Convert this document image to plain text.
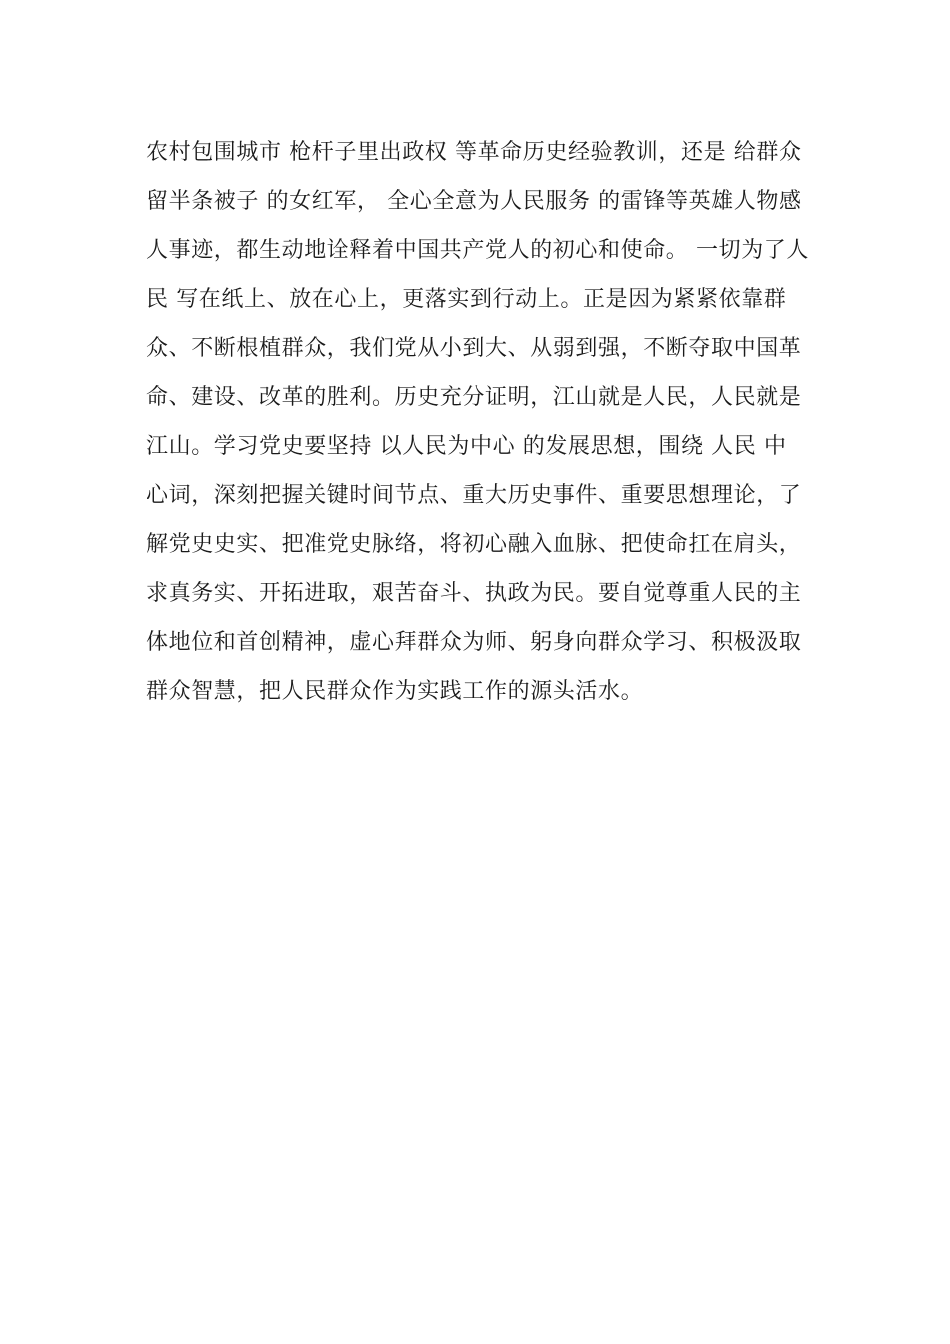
农村包围城市 枪杆子里出政权 等革命历史经验教训，还是 给群众
留半条被子 的女红军， 全心全意为人民服务 的雷锋等英雄人物感
人事迹，都生动地诠释着中国共产党人的初心和使命。 一切为了人
民 写在纸上、放在心上，更落实到行动上。正是因为紧紧依靠群
众、不断根植群众，我们党从小到大、从弱到强，不断夺取中国革
命、建设、改革的胜利。历史充分证明，江山就是人民，人民就是
江山。学习党史要坚持 以人民为中心 的发展思想，围绕 人民 中
心词，深刻把握关键时间节点、重大历史事件、重要思想理论，了
解党史史实、把准党史脉络，将初心融入血脉、把使命扛在肩头，
求真务实、开拓进取，艰苦奋斗、执政为民。要自觉尊重人民的主
体地位和首创精神，虚心拜群众为师、躬身向群众学习、积极汲取
群众智慧，把人民群众作为实践工作的源头活水。
